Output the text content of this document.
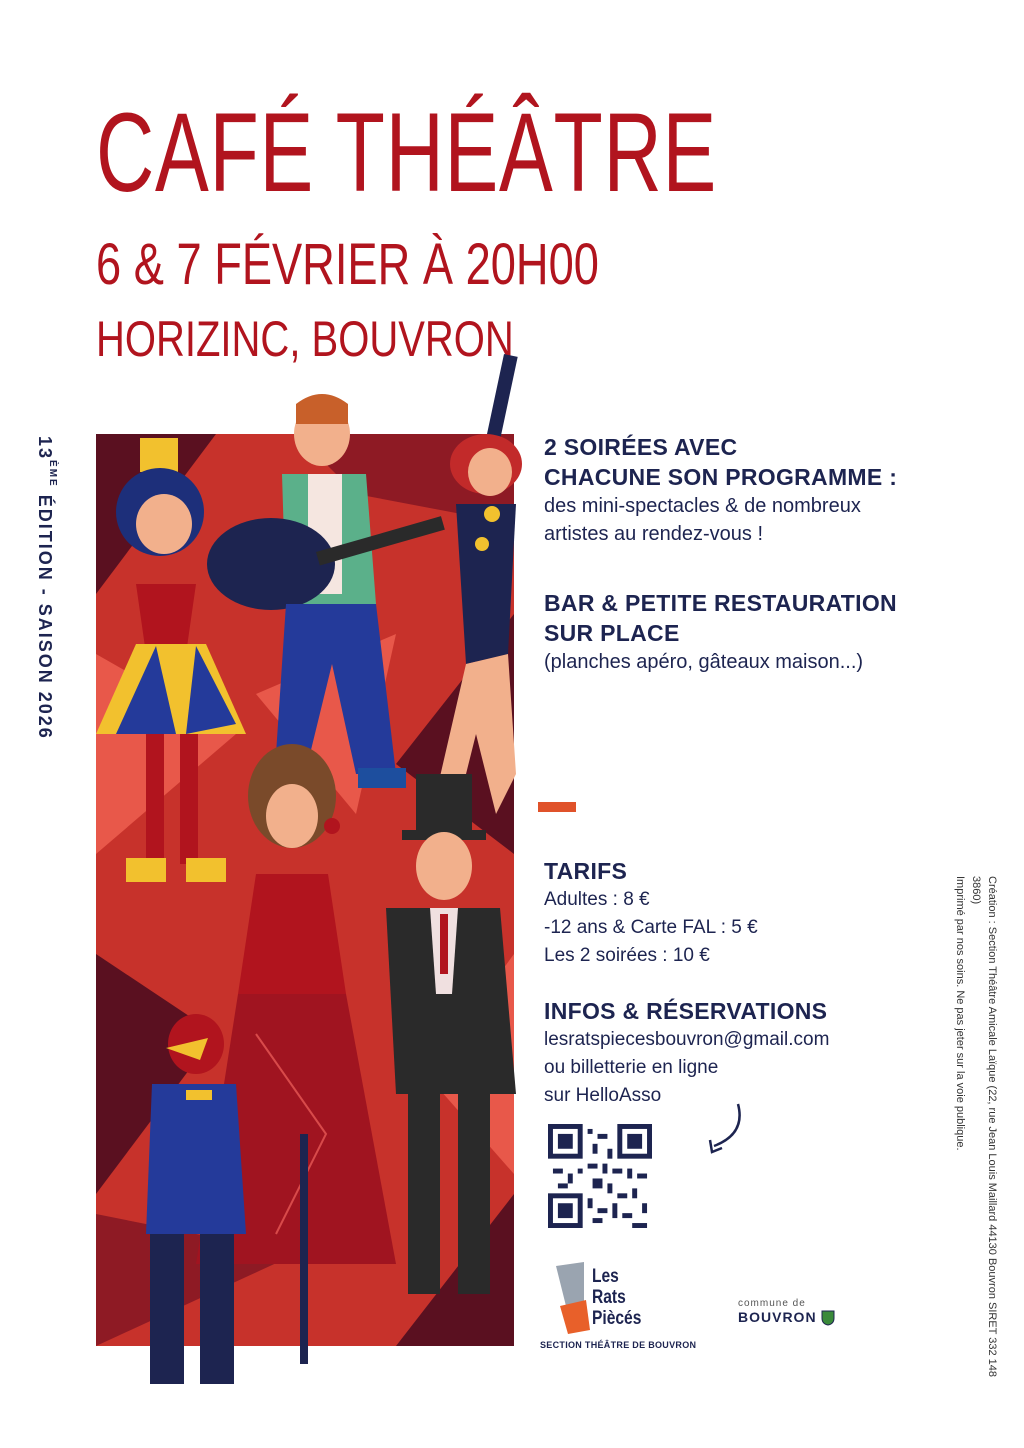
CAFÉ THÉÂTRE
6 & 7 FÉVRIER À 20H00
HORIZINC, BOUVRON
13ÈME ÉDITION - SAISON 2026
2 SOIRÉES AVEC
CHACUNE SON PROGRAMME :
des mini-spectacles & de nombreux
artistes au rendez-vous !
BAR & PETITE RESTAURATION
SUR PLACE
(planches apéro, gâteaux maison...)
TARIFS
Adultes : 8 €
-12 ans & Carte FAL : 5 €
Les 2 soirées : 10 €
INFOS & RÉSERVATIONS
lesratspiecesbouvron@gmail.com
ou billetterie en ligne
sur HelloAsso
Les
Rats
Piècés
SECTION THÉÂTRE DE BOUVRON
commune de
BOUVRON	Création : Section Théâtre Amicale Laïque (22, rue Jean Louis Maillard 44130 Bouvron SIRET 332 148 3860)
Imprimé par nos soins. Ne pas jeter sur la voie publique.
